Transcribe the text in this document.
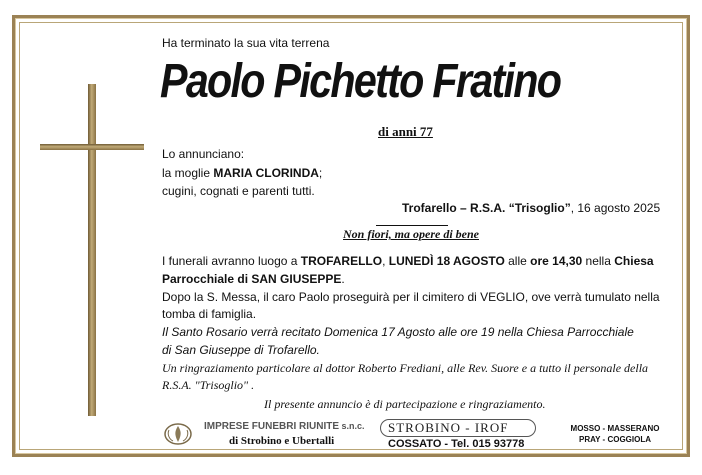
Ha terminato la sua vita terrena
Paolo Pichetto Fratino
di anni 77
Lo annunciano:
la moglie MARIA CLORINDA;
cugini, cognati e parenti tutti.
Trofarello – R.S.A. “Trisoglio”, 16 agosto 2025
Non fiori, ma opere di bene
I funerali avranno luogo a TROFARELLO, LUNEDÌ 18 AGOSTO alle ore 14,30 nella Chiesa
Parrocchiale di SAN GIUSEPPE.
Dopo la S. Messa, il caro Paolo proseguirà per il cimitero di VEGLIO, ove verrà tumulato nella
tomba di famiglia.
Il Santo Rosario verrà recitato Domenica 17 Agosto alle ore 19 nella Chiesa Parrocchiale
di San Giuseppe di Trofarello.
Un ringraziamento particolare al dottor Roberto Frediani, alle Rev. Suore e a tutto il personale della
R.S.A. "Trisoglio" .
Il presente annuncio è di partecipazione e ringraziamento.
IMPRESE FUNEBRI RIUNITE s.n.c.
di Strobino e Ubertalli
STROBINO - IROF
COSSATO - Tel. 015 93778
MOSSO - MASSERANO
PRAY - COGGIOLA
